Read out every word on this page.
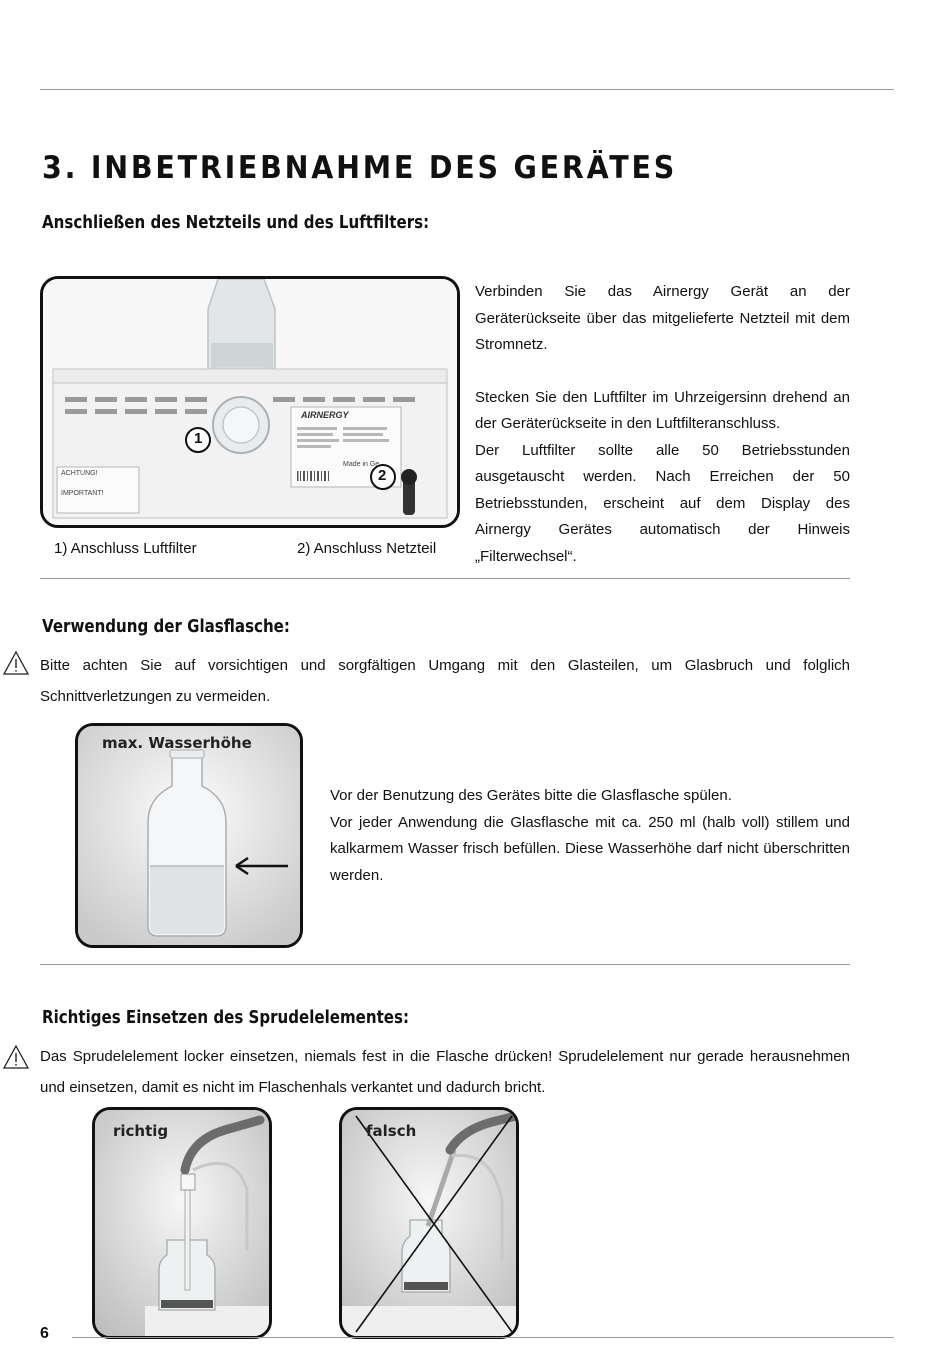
3. INBETRIEBNAHME DES GERÄTES
Anschließen des Netzteils und des Luftfilters:
AIRNERGY
ACHTUNG!
IMPORTANT!
Made in Ge
1
2

Verbinden Sie das Airnergy Gerät an der Geräterückseite über das mitgelieferte Netzteil mit dem Stromnetz.

Stecken Sie den Luftfilter im Uhrzeigersinn drehend an der Geräterückseite in den Luftfilteranschluss.

Der Luftfilter sollte alle 50 Betriebsstunden ausgetauscht werden. Nach Erreichen der 50 Betriebsstunden, erscheint auf dem Display des Airnergy Gerätes automatisch der Hinweis „Filterwechsel“.

1) Anschluss Luftfilter	2) Anschluss Netzteil
Verwendung der Glasflasche:
Bitte achten Sie auf vorsichtigen und sorgfältigen Umgang mit den Glasteilen, um Glasbruch und folglich Schnittverletzungen zu vermeiden.
max. Wasserhöhe

Vor der Benutzung des Gerätes bitte die Glasflasche spülen.

Vor jeder Anwendung die Glasflasche mit ca. 250 ml (halb voll) stillem und kalkarmem Wasser frisch befüllen. Diese Wasserhöhe darf nicht überschritten werden.

Richtiges Einsetzen des Sprudelelementes:
Das Sprudelelement locker einsetzen, niemals fest in die Flasche drücken! Sprudelelement nur gerade herausnehmen und einsetzen, damit es nicht im Flaschenhals verkantet und dadurch bricht.
richtig	falsch
6
